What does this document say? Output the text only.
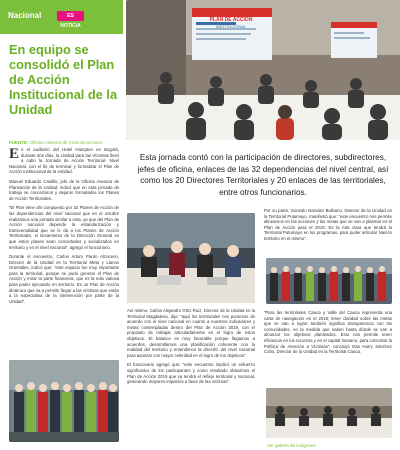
Nacional	ES NOTICIA
En equipo se consolidó el Plan de Acción Institucional de la Unidad
FUENTE: Oficina Asesora de Comunicaciones.
PLAN DE ACCIÓN
INSTITUCIONAL
Esta jornada contó con la participación de directores, subdirectores, jefes de oficina, enlaces de las 32 dependencias del nivel central, así como los 20 Directores Territoriales y 20 enlaces de las territoriales, entre otros funcionarios.

En el auditorio del Hotel Hampton en Bogotá, durante dos días, la Unidad para las Víctimas llevó a cabo la Jornada de Acción Territorial- Nivel Nacional, con el fin de terminar y formalizar el Plan de Acción Institucional de la entidad.

Manuel Eduardo Castillo, jefe de la Oficina Asesora de Planeación de la Unidad, indicó que en esta jornada de trabajo se concertaron y dejaron formulados los Planes de Acción Territoriales.

“El Plan tiene ahí compuesto por 32 Planes de Acción de las dependencias del nivel nacional que en el octubre realizamos una jornada similar a esta, ya que del Plan de Acción nacional depende la estandarización y transversalidad que se le da a los Planes de Acción Territoriales, el lineamiento de la Dirección General es que estos planes sean concertados y socializados en territorio y en el nivel nacional”, agregó el funcionario.

Durante el encuentro, Carlos Arturo Pardo Alzuceno, Director de la Unidad en la Territorial Meta y Llanos Orientales, indicó que: “este espacio fue muy importante para la territorial, porque se pudo generar el Plan de Acción y mirar la parte financiera, que es la más valiosa para poder ejecutarlo en territorio. Es un Plan de Acción dinámico que va a permitir llegar a las víctimas que están a la expectativa de la intervención por parte de la Unidad”.

Así mismo, Carlos Alejandro Ortiz Ruiz, Director de la Unidad en la Territorial Magdalena, dijo: “aquí los territoriales nos ponemos de acuerdo con el nivel nacional en cuanto a nuestros indicadores y metas contempladas dentro del Plan de Acción 2019, con el propósito de trabajar articuladamente en el logro de estos objetivos. El balance es muy favorable porque llegamos a acuerdos, desarrollamos una planificación coherente con la realidad del territorio y entendimos la directriz del nivel nacional para avanzar con mayor celeridad en el logro de los objetivos”.

El funcionario agregó que: “este encuentro implicó un esfuerzo significativo de los participantes y como resultado obtuvimos el Plan de Acción 2019 que va tendrá el reflejo territorial y nacional, generando mayores impactos a favor de las víctimas”.

Por su parte, Gonzalo Narváez Burbano, Director de la Unidad en la Territorial Putumayo, manifestó que: “este encuentro nos permite alinearnos en las acciones y las metas que se van a plasmar en el Plan de Acción para el 2019. Es la ruta clara que tendrá la Territorial Putumayo en los programas, para poder articular Nación territorio en el mismo”.

“Para las territoriales Cauca y Valle del Cauca representa una carta de navegación en el 2019; tener claridad sobre las metas que se van a lograr también significa transparencia con las comunidades, en la medida que saben hasta dónde se van a alcanzar los objetivos planteados. Esto nos permite tener eficiencia en los recursos y en el capital humano, para concretar la Política de Atención a Víctimas”, concluyó Dan Harry Sánchez Cobo, Director de la Unidad en la Territorial Cauca.

Ver galería de imágenes
